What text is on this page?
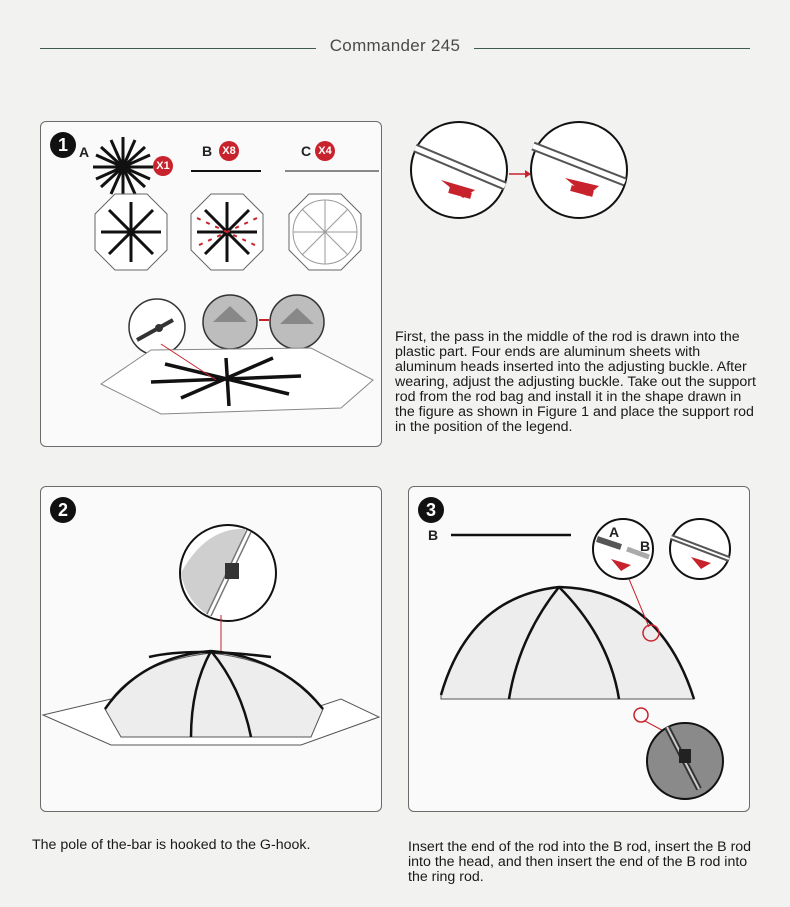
Commander 245
1 A
X1
B X8	C X4
First, the pass in the middle of the rod is drawn into the plastic part. Four ends are aluminum sheets with aluminum heads inserted into the adjusting buckle. After wearing, adjust the adjusting buckle. Take out the support rod from the rod bag and install it in the shape drawn in the figure as shown in Figure 1 and place the support rod in the position of the legend.
2
The pole of the-bar is hooked to the G-hook.
3
B	A
B
Insert the end of the rod into the B rod, insert the B rod into the head, and then insert the end of the B rod into the ring rod.
